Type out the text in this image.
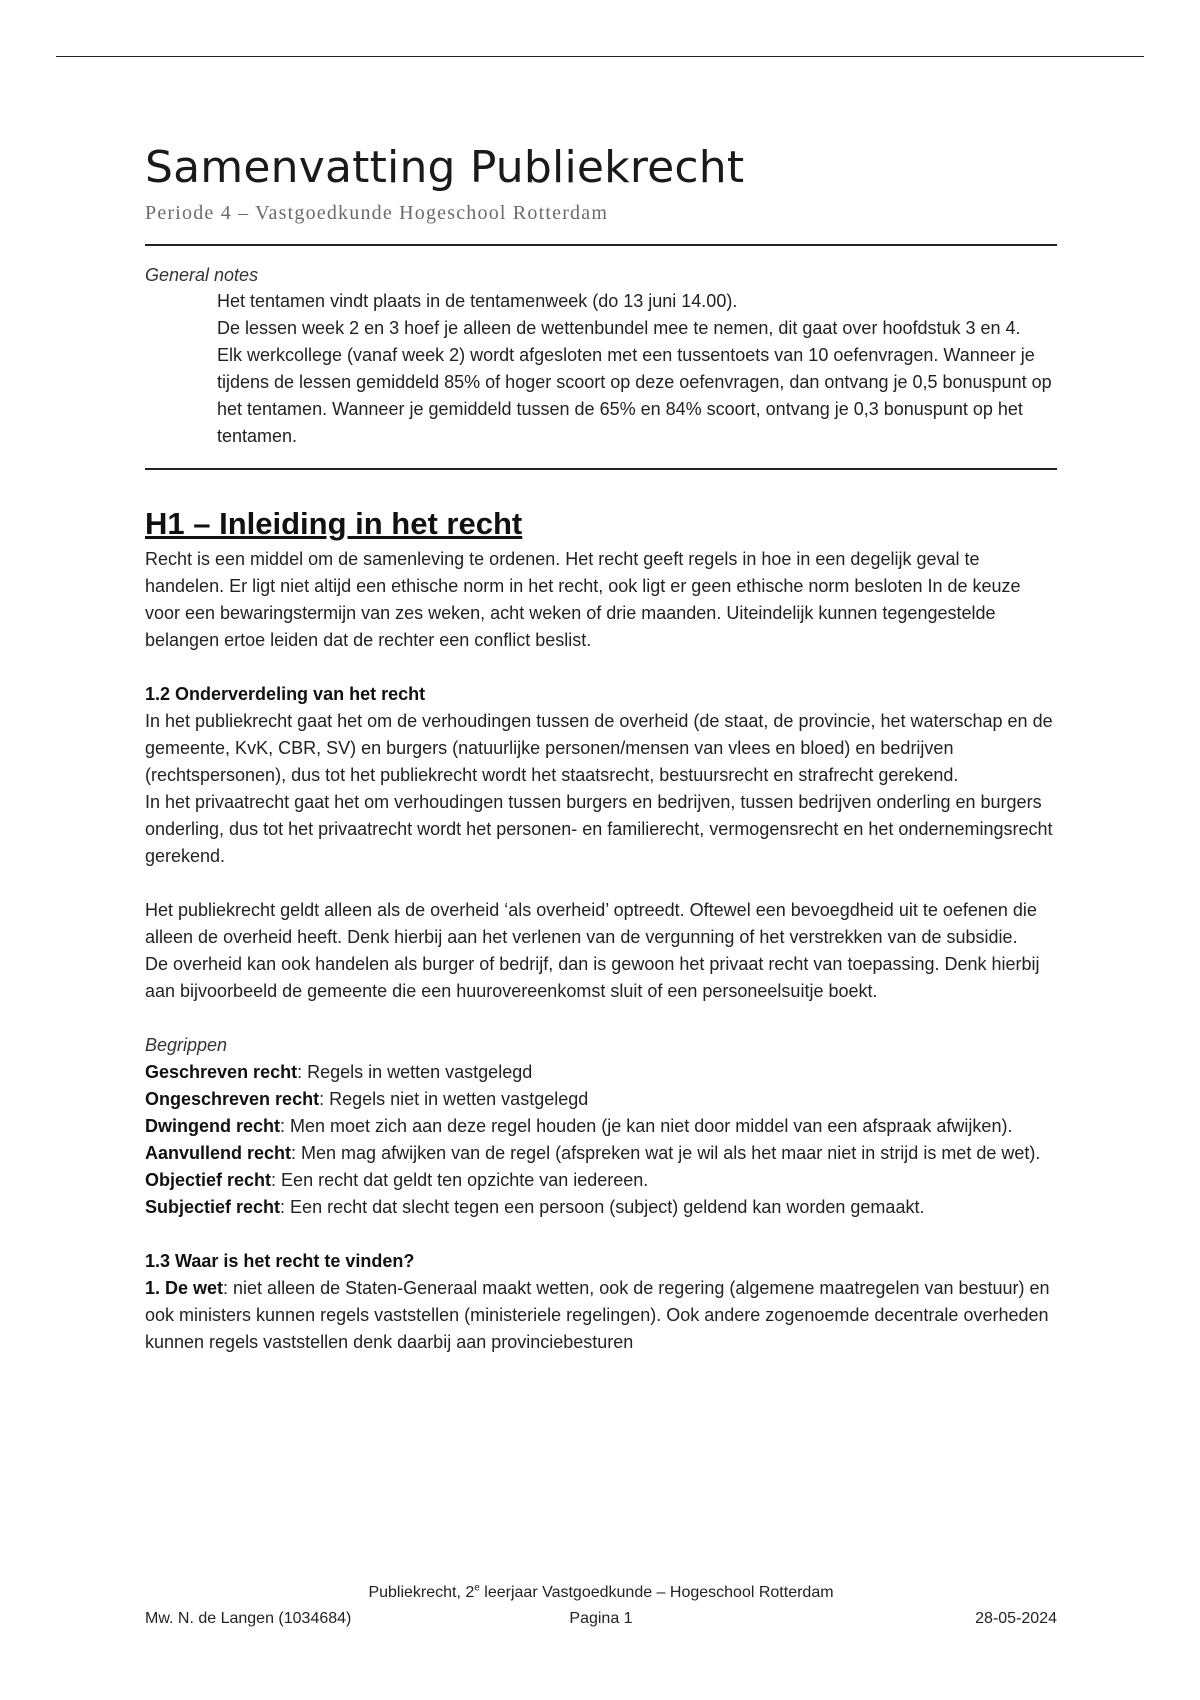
Samenvatting Publiekrecht
Periode 4 – Vastgoedkunde Hogeschool Rotterdam
General notes

Het tentamen vindt plaats in de tentamenweek (do 13 juni 14.00).

De lessen week 2 en 3 hoef je alleen de wettenbundel mee te nemen, dit gaat over hoofdstuk 3 en 4.

Elk werkcollege (vanaf week 2) wordt afgesloten met een tussentoets van 10 oefenvragen. Wanneer je tijdens de lessen gemiddeld 85% of hoger scoort op deze oefenvragen, dan ontvang je 0,5 bonuspunt op het tentamen. Wanneer je gemiddeld tussen de 65% en 84% scoort, ontvang je 0,3 bonuspunt op het tentamen.

H1 – Inleiding in het recht

Recht is een middel om de samenleving te ordenen. Het recht geeft regels in hoe in een degelijk geval te handelen. Er ligt niet altijd een ethische norm in het recht, ook ligt er geen ethische norm besloten In de keuze voor een bewaringstermijn van zes weken, acht weken of drie maanden. Uiteindelijk kunnen tegengestelde belangen ertoe leiden dat de rechter een conflict beslist.

1.2 Onderverdeling van het recht

In het publiekrecht gaat het om de verhoudingen tussen de overheid (de staat, de provincie, het waterschap en de gemeente, KvK, CBR, SV) en burgers (natuurlijke personen/mensen van vlees en bloed) en bedrijven (rechtspersonen), dus tot het publiekrecht wordt het staatsrecht, bestuursrecht en strafrecht gerekend.

In het privaatrecht gaat het om verhoudingen tussen burgers en bedrijven, tussen bedrijven onderling en burgers onderling, dus tot het privaatrecht wordt het personen- en familierecht, vermogensrecht en het ondernemingsrecht gerekend.

Het publiekrecht geldt alleen als de overheid ‘als overheid’ optreedt. Oftewel een bevoegdheid uit te oefenen die alleen de overheid heeft. Denk hierbij aan het verlenen van de vergunning of het verstrekken van de subsidie.

De overheid kan ook handelen als burger of bedrijf, dan is gewoon het privaat recht van toepassing. Denk hierbij aan bijvoorbeeld de gemeente die een huurovereenkomst sluit of een personeelsuitje boekt.

Begrippen

Geschreven recht: Regels in wetten vastgelegd

Ongeschreven recht: Regels niet in wetten vastgelegd

Dwingend recht: Men moet zich aan deze regel houden (je kan niet door middel van een afspraak afwijken).

Aanvullend recht: Men mag afwijken van de regel (afspreken wat je wil als het maar niet in strijd is met de wet).

Objectief recht: Een recht dat geldt ten opzichte van iedereen.

Subjectief recht: Een recht dat slecht tegen een persoon (subject) geldend kan worden gemaakt.

1.3 Waar is het recht te vinden?

1. De wet: niet alleen de Staten-Generaal maakt wetten, ook de regering (algemene maatregelen van bestuur) en ook ministers kunnen regels vaststellen (ministeriele regelingen). Ook andere zogenoemde decentrale overheden kunnen regels vaststellen denk daarbij aan provinciebesturen

Publiekrecht, 2e leerjaar Vastgoedkunde – Hogeschool Rotterdam
Mw. N. de Langen (1034684)	Pagina 1	28-05-2024
